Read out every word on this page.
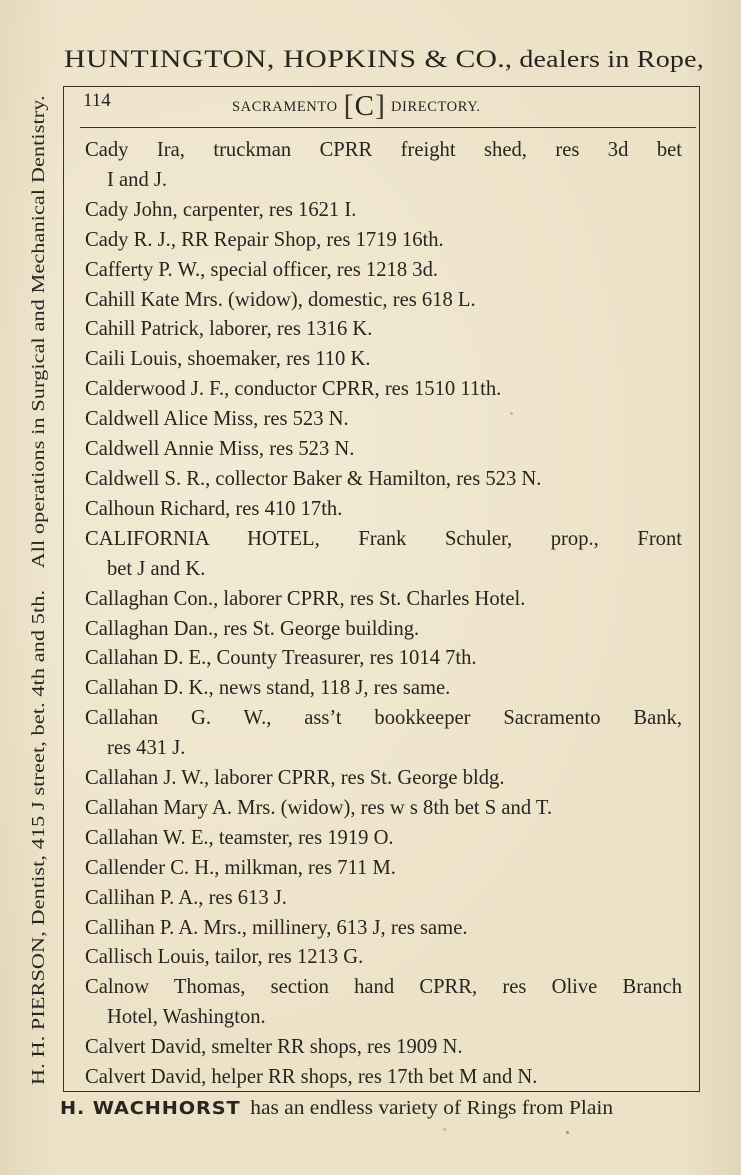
HUNTINGTON, HOPKINS & CO., dealers in Rope,
H. H. PIERSON, Dentist, 415 J street, bet. 4th and 5th.    All operations in Surgical and Mechanical Dentistry. 114	SACRAMENTO [ C ] DIRECTORY.
Cady Ira, truckman CPRR freight shed, res 3d bet
I and J.
Cady John, carpenter, res 1621 I.
Cady R. J., RR Repair Shop, res 1719 16th.
Cafferty P. W., special officer, res 1218 3d.
Cahill Kate Mrs. (widow), domestic, res 618 L.
Cahill Patrick, laborer, res 1316 K.
Caili Louis, shoemaker, res 110 K.
Calderwood J. F., conductor CPRR, res 1510 11th.
Caldwell Alice Miss, res 523 N.
Caldwell Annie Miss, res 523 N.
Caldwell S. R., collector Baker & Hamilton, res 523 N.
Calhoun Richard, res 410 17th.
CALIFORNIA HOTEL, Frank Schuler, prop., Front
bet J and K.
Callaghan Con., laborer CPRR, res St. Charles Hotel.
Callaghan Dan., res St. George building.
Callahan D. E., County Treasurer, res 1014 7th.
Callahan D. K., news stand, 118 J, res same.
Callahan G. W., ass’t bookkeeper Sacramento Bank,
res 431 J.
Callahan J. W., laborer CPRR, res St. George bldg.
Callahan Mary A. Mrs. (widow), res w s 8th bet S and T.
Callahan W. E., teamster, res 1919 O.
Callender C. H., milkman, res 711 M.
Callihan P. A., res 613 J.
Callihan P. A. Mrs., millinery, 613 J, res same.
Callisch Louis, tailor, res 1213 G.
Calnow Thomas, section hand CPRR, res Olive Branch
Hotel, Washington.
Calvert David, smelter RR shops, res 1909 N.
Calvert David, helper RR shops, res 17th bet M and N.
H. WACHHORST has an endless variety of Rings from Plain
